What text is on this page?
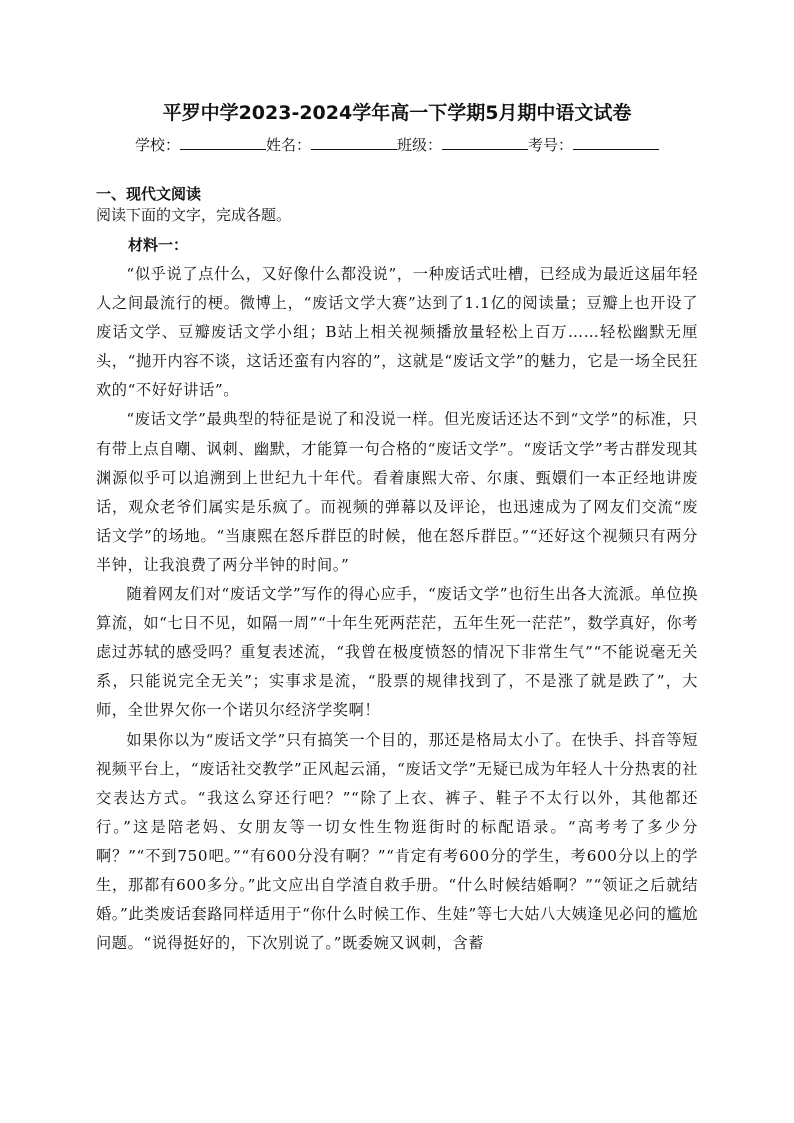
平罗中学2023-2024学年高一下学期5月期中语文试卷
学校：	姓名：	班级：	考号：
一、现代文阅读
阅读下面的文字，完成各题。
材料一：

“似乎说了点什么，又好像什么都没说”，一种废话式吐槽，已经成为最近这届年轻人之间最流行的梗。微博上，“废话文学大赛”达到了1.1亿的阅读量；豆瓣上也开设了废话文学、豆瓣废话文学小组；B站上相关视频播放量轻松上百万……轻松幽默无厘头，“抛开内容不谈，这话还蛮有内容的”，这就是“废话文学”的魅力，它是一场全民狂欢的“不好好讲话”。

“废话文学”最典型的特征是说了和没说一样。但光废话还达不到“文学”的标准，只有带上点自嘲、讽刺、幽默，才能算一句合格的“废话文学”。“废话文学”考古群发现其渊源似乎可以追溯到上世纪九十年代。看着康熙大帝、尔康、甄嬛们一本正经地讲废话，观众老爷们属实是乐疯了。而视频的弹幕以及评论，也迅速成为了网友们交流“废话文学”的场地。“当康熙在怒斥群臣的时候，他在怒斥群臣。”“还好这个视频只有两分半钟，让我浪费了两分半钟的时间。”

随着网友们对“废话文学”写作的得心应手，“废话文学”也衍生出各大流派。单位换算流，如“七日不见，如隔一周”“十年生死两茫茫，五年生死一茫茫”，数学真好，你考虑过苏轼的感受吗？重复表述流，“我曾在极度愤怒的情况下非常生气”“不能说毫无关系，只能说完全无关”；实事求是流，“股票的规律找到了，不是涨了就是跌了”，大师，全世界欠你一个诺贝尔经济学奖啊！

如果你以为“废话文学”只有搞笑一个目的，那还是格局太小了。在快手、抖音等短视频平台上，“废话社交教学”正风起云涌，“废话文学”无疑已成为年轻人十分热衷的社交表达方式。“我这么穿还行吧？”“除了上衣、裤子、鞋子不太行以外，其他都还行。”这是陪老妈、女朋友等一切女性生物逛街时的标配语录。“高考考了多少分啊？”“不到750吧。”“有600分没有啊？”“肯定有考600分的学生，考600分以上的学生，那都有600多分。”此文应出自学渣自救手册。“什么时候结婚啊？”“领证之后就结婚。”此类废话套路同样适用于“你什么时候工作、生娃”等七大姑八大姨逢见必问的尴尬问题。“说得挺好的，下次别说了。”既委婉又讽刺，含蓄
